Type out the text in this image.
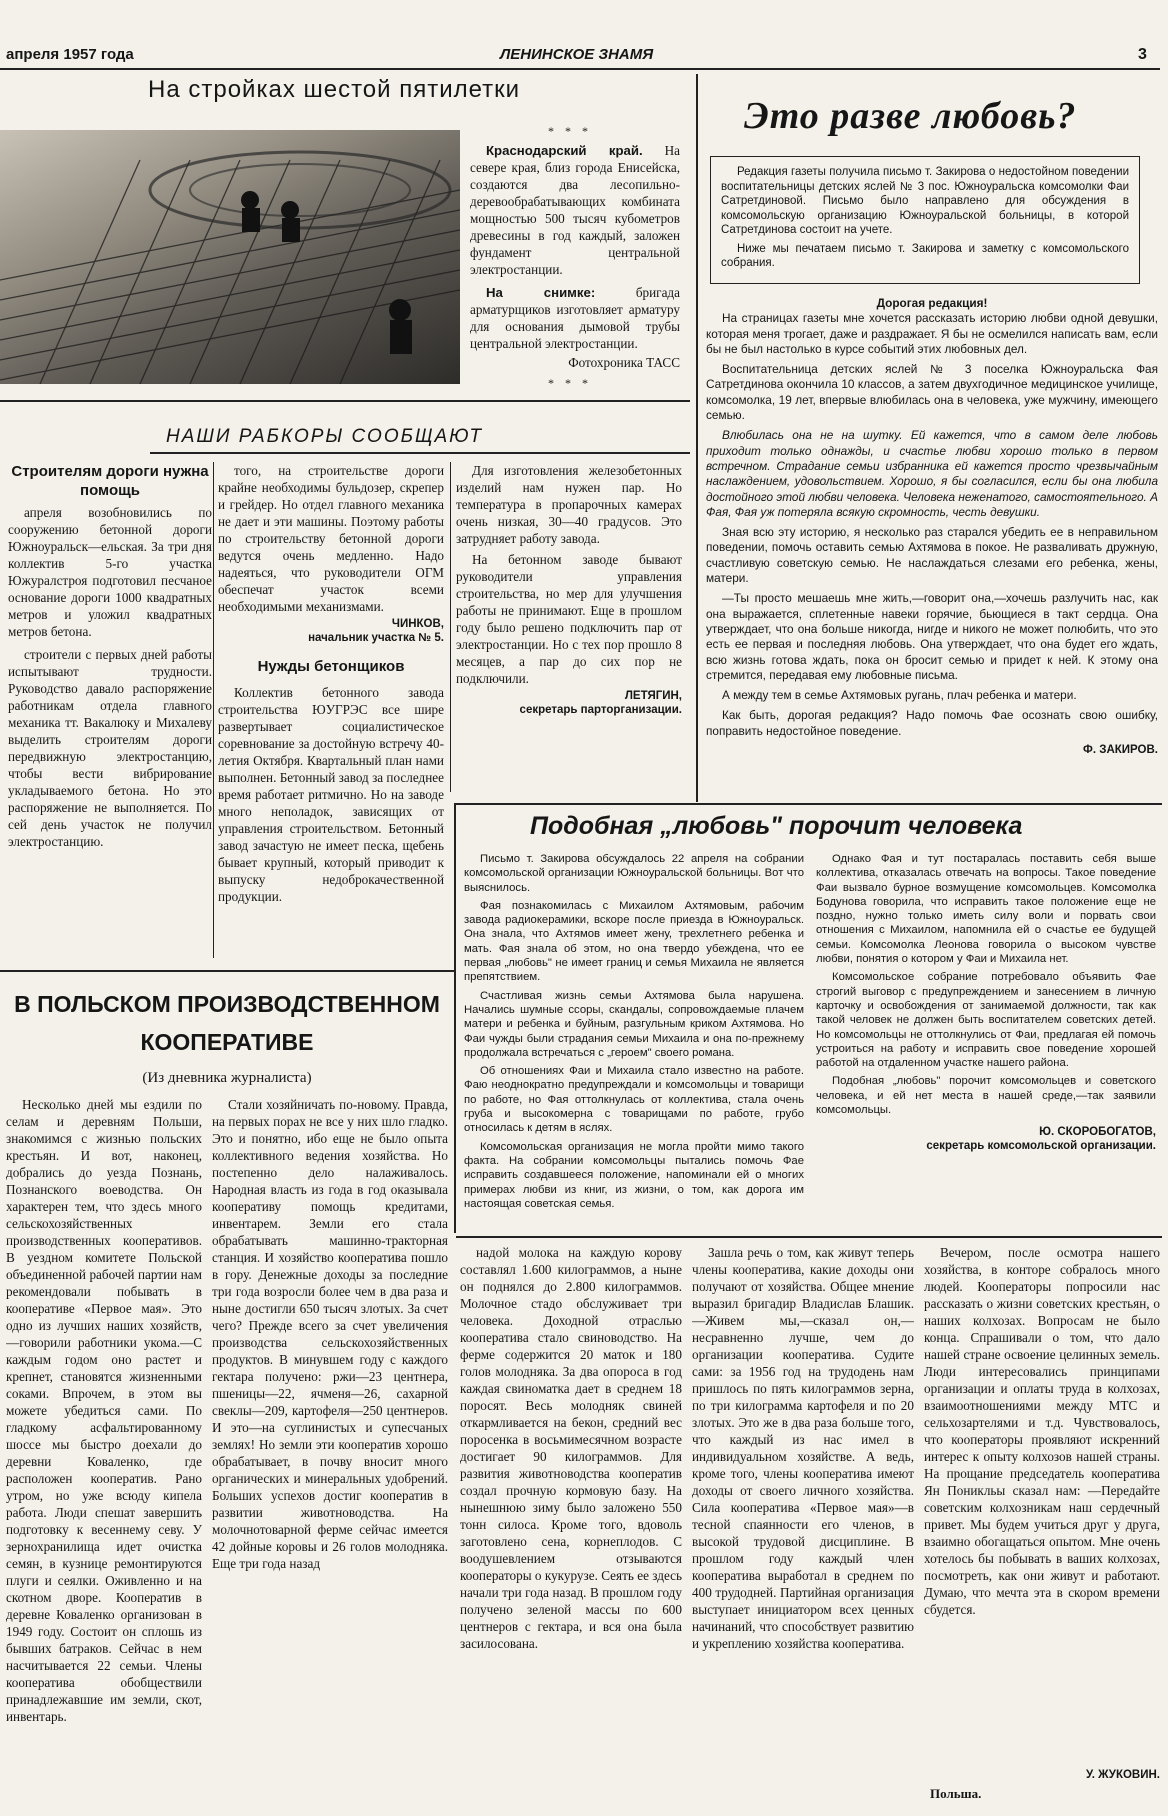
апреля 1957 года	ЛЕНИНСКОЕ ЗНАМЯ	3
На стройках шестой пятилетки
* * *

Краснодарский край. На севере края, близ города Енисейска, создаются два лесопильно-деревообрабатывающих комбината мощностью 500 тысяч кубометров древесины в год каждый, заложен фундамент центральной электростанции.

На снимке:	бригада арматурщиков изготовляет арматуру для основания дымовой трубы центральной электростанции.

Фотохроника ТАСС
* * *
Это разве любовь?
Редакция газеты получила письмо т. Закирова о недостойном поведении воспитательницы детских яслей № 3 пос. Южноуральска комсомолки Фаи Сатретдиновой. Письмо было направлено для обсуждения в комсомольскую организацию Южноуральской больницы, в которой Сатретдинова состоит на учете.
Ниже мы печатаем письмо т. Закирова и заметку с комсомольского собрания.
Дорогая редакция!

На страницах газеты мне хочется рассказать историю любви одной девушки, которая меня трогает, даже и раздражает. Я бы не осмелился написать вам, если бы не был настолько в курсе событий этих любовных дел.

Воспитательница детских яслей № 3 поселка Южноуральска Фая Сатретдинова окончила 10 классов, а затем двухгодичное медицинское училище, комсомолка, 19 лет, впервые влюбилась она в человека, уже мужчину, имеющего семью.

Влюбилась она не на шутку. Ей кажется, что в самом деле любовь приходит только однажды, и счастье любви хорошо только в первом встречном. Страдание семьи избранника ей кажется просто чрезвычайным наслаждением, удовольствием. Хорошо, я бы согласился, если бы она любила достойного этой любви человека. Человека неженатого, самостоятельного. А Фая, Фая уж потеряла всякую скромность, честь девушки.

Зная всю эту историю, я несколько раз старался убедить ее в неправильном поведении, помочь оставить семью Ахтямова в покое. Не разваливать дружную, счастливую советскую семью. Не наслаждаться слезами его ребенка, жены, матери.

—Ты просто мешаешь мне жить,—говорит она,—хочешь разлучить нас, как она выражается, сплетенные навеки горячие, бьющиеся в такт сердца. Она утверждает, что она больше никогда, нигде и никого не может полюбить, что это есть ее первая и последняя любовь. Она утверждает, что она будет его ждать, всю жизнь готова ждать, пока он бросит семью и придет к ней. К этому она стремится, передавая ему любовные письма.

А между тем в семье Ахтямовых ругань, плач ребенка и матери.

Как быть, дорогая редакция? Надо помочь Фае осознать свою ошибку, поправить недостойное поведение.

Ф. ЗАКИРОВ.
НАШИ РАБКОРЫ СООБЩАЮТ
Строителям дороги нужна помощь

апреля возобновились по сооружению бетонной дороги Южноуральск—ельская. За три дня коллектив 5-го участка Южуралстроя подготовил песчаное основание дороги 1000 квадратных метров и уложил квадратных метров бетона.

строители с первых дней работы испытывают трудности. Руководство давало распоряжение работникам отдела главного механика тт. Вакалюку и Михалеву выделить строителям дороги передвижную электростанцию, чтобы вести вибрирование укладываемого бетона. Но это распоряжение не выполняется. По сей день участок не получил электростанцию.

того, на строительстве дороги крайне необходимы бульдозер, скрепер и грейдер. Но отдел главного механика не дает и эти машины. Поэтому работы по строительству бетонной дороги ведутся очень медленно. Надо надеяться, что руководители ОГМ обеспечат участок всеми необходимыми механизмами.

ЧИНКОВ,
начальник участка № 5.
Нужды бетонщиков

Коллектив бетонного завода строительства ЮУГРЭС все шире развертывает социалистическое соревнование за достойную встречу 40-летия Октября. Квартальный план нами выполнен. Бетонный завод за последнее время работает ритмично. Но на заводе много неполадок, зависящих от управления строительством. Бетонный завод зачастую не имеет песка, щебень бывает крупный, который приводит к выпуску недоброкачественной продукции.

Для изготовления железобетонных изделий нам нужен пар. Но температура в пропарочных камерах очень низкая, 30—40 градусов. Это затрудняет работу завода.

На бетонном заводе бывают руководители управления строительства, но мер для улучшения работы не принимают. Еще в прошлом году было решено подключить пар от электростанции. Но с тех пор прошло 8 месяцев, а пар до сих пор не подключили.

ЛЕТЯГИН,
секретарь парторганизации.
Подобная „любовь" порочит человека

Письмо т. Закирова обсуждалось 22 апреля на собрании комсомольской организации Южноуральской больницы. Вот что выяснилось.

Фая познакомилась с Михаилом Ахтямовым, рабочим завода радиокерамики, вскоре после приезда в Южноуральск. Она знала, что Ахтямов имеет жену, трехлетнего ребенка и мать. Фая знала об этом, но она твердо убеждена, что ее первая „любовь" не имеет границ и семья Михаила не является препятствием.

Счастливая жизнь семьи Ахтямова была нарушена. Начались шумные ссоры, скандалы, сопровождаемые плачем матери и ребенка и буйным, разгульным криком Ахтямова. Но Фаи чужды были страдания семьи Михаила и она по-прежнему продолжала встречаться с „героем" своего романа.

Об отношениях Фаи и Михаила стало известно на работе. Фаю неоднократно предупреждали и комсомольцы и товарищи по работе, но Фая оттолкнулась от коллектива, стала очень груба и высокомерна с товарищами по работе, грубо относилась к детям в яслях.

Комсомольская организация не могла пройти мимо такого факта. На собрании комсомольцы пытались помочь Фае исправить создавшееся положение, напоминали ей о многих примерах любви из книг, из жизни, о том, как дорога им настоящая советская семья.

Однако Фая и тут постаралась поставить себя выше коллектива, отказалась отвечать на вопросы. Такое поведение Фаи вызвало бурное возмущение комсомольцев. Комсомолка Бодунова говорила, что исправить такое положение еще не поздно, нужно только иметь силу воли и порвать свои отношения с Михаилом, напомнила ей о счастье ее будущей семьи. Комсомолка Леонова говорила о высоком чувстве любви, понятия о котором у Фаи и Михаила нет.

Комсомольское собрание потребовало объявить Фае строгий выговор с предупреждением и занесением в личную карточку и освобождения от занимаемой должности, так как такой человек не должен быть воспитателем советских детей. Но комсомольцы не оттолкнулись от Фаи, предлагая ей помочь устроиться на работу и исправить свое поведение хорошей работой на отдаленном участке нашего района.

Подобная „любовь" порочит комсомольцев и советского человека, и ей нет места в нашей среде,—так заявили комсомольцы.

Ю. СКОРОБОГАТОВ,
секретарь комсомольской организации.
В ПОЛЬСКОМ ПРОИЗВОДСТВЕННОМ
КООПЕРАТИВЕ
(Из дневника журналиста)

Несколько дней мы ездили по селам и деревням Польши, знакомимся с жизнью польских крестьян. И вот, наконец, добрались до уезда Познань, Познанского воеводства. Он характерен тем, что здесь много сельскохозяйственных производственных кооперативов. В уездном комитете Польской объединенной рабочей партии нам рекомендовали побывать в кооперативе «Первое мая». Это одно из лучших наших хозяйств,—говорили работники укома.—С каждым годом оно растет и крепнет, становятся жизненными соками. Впрочем, в этом вы можете убедиться сами. По гладкому асфальтированному шоссе мы быстро доехали до деревни Коваленко, где расположен кооператив. Рано утром, но уже всюду кипела работа. Люди спешат завершить подготовку к весеннему севу. У зернохранилища идет очистка семян, в кузнице ремонтируются плуги и сеялки. Оживленно и на скотном дворе. Кооператив в деревне Коваленко организован в 1949 году. Состоит он сплошь из бывших батраков. Сейчас в нем насчитывается 22 семьи. Члены кооператива обобществили принадлежавшие им земли, скот, инвентарь.

Стали хозяйничать по-новому. Правда, на первых порах не все у них шло гладко. Это и понятно, ибо еще не было опыта коллективного ведения хозяйства. Но постепенно дело налаживалось. Народная власть из года в год оказывала кооперативу помощь кредитами, инвентарем. Земли его стала обрабатывать машинно-тракторная станция. И хозяйство кооператива пошло в гору. Денежные доходы за последние три года возросли более чем в два раза и ныне достигли 650 тысяч злотых. За счет чего? Прежде всего за счет увеличения производства сельскохозяйственных продуктов. В минувшем году с каждого гектара получено: ржи—23 центнера, пшеницы—22, ячменя—26, сахарной свеклы—209, картофеля—250 центнеров. И это—на суглинистых и супесчаных землях! Но земли эти кооператив хорошо обрабатывает, в почву вносит много органических и минеральных удобрений. Больших успехов достиг кооператив в развитии животноводства. На молочнотоварной ферме сейчас имеется 42 дойные коровы и 26 голов молодняка. Еще три года назад

надой молока на каждую корову составлял 1.600 килограммов, а ныне он поднялся до 2.800 килограммов. Молочное стадо обслуживает три человека. Доходной отраслью кооператива стало свиноводство. На ферме содержится 20 маток и 180 голов молодняка. За два опороса в год каждая свиноматка дает в среднем 18 поросят. Весь молодняк свиней откармливается на бекон, средний вес поросенка в восьмимесячном возрасте достигает 90 килограммов. Для развития животноводства кооператив создал прочную кормовую базу. На нынешнюю зиму было заложено 550 тонн силоса. Кроме того, вдоволь заготовлено сена, корнеплодов. С воодушевлением отзываются кооператоры о кукурузе. Сеять ее здесь начали три года назад. В прошлом году получено зеленой массы по 600 центнеров с гектара, и вся она была заcилосована.

Зашла речь о том, как живут теперь члены кооператива, какие доходы они получают от хозяйства. Общее мнение выразил бригадир Владислав Блашик. —Живем мы,—сказал он,—несравненно лучше, чем до организации кооператива. Судите сами: за 1956 год на трудодень нам пришлось по пять килограммов зерна, по три килограмма картофеля и по 20 злотых. Это же в два раза больше того, что каждый из нас имел в индивидуальном хозяйстве. А ведь, кроме того, члены кооператива имеют доходы от своего личного хозяйства. Сила кооператива «Первое мая»—в тесной спаянности его членов, в высокой трудовой дисциплине. В прошлом году каждый член кооператива выработал в среднем по 400 трудодней. Партийная организация выступает инициатором всех ценных начинаний, что способствует развитию и укреплению хозяйства кооператива.

Вечером, после осмотра нашего хозяйства, в конторе собралось много людей. Кооператоры попросили нас рассказать о жизни советских крестьян, о наших колхозах. Вопросам не было конца. Спрашивали о том, что дало нашей стране освоение целинных земель. Люди интересовались принципами организации и оплаты труда в колхозах, взаимоотношениями между МТС и сельхозартелями и т.д. Чувствовалось, что кооператоры проявляют искренний интерес к опыту колхозов нашей страны. На прощание председатель кооператива Ян Поникльы сказал нам: —Передайте советским колхозникам наш сердечный привет. Мы будем учиться друг у друга, взаимно обогащаться опытом. Мне очень хотелось бы побывать в ваших колхозах, посмотреть, как они живут и работают. Думаю, что мечта эта в скором времени сбудется.

У. ЖУКОВИН.
Польша.
